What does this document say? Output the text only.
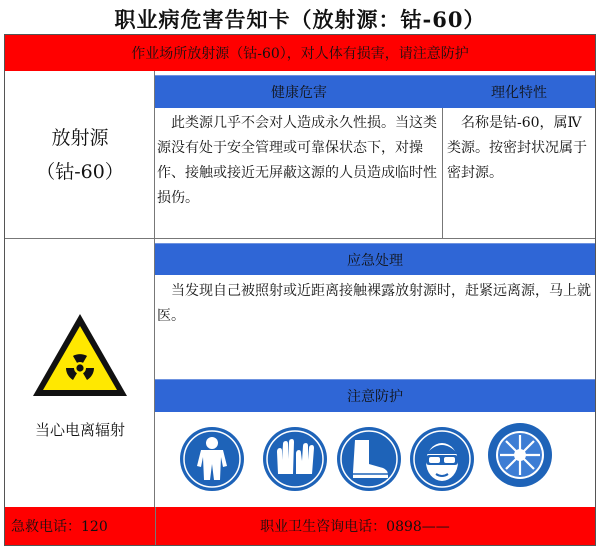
职业病危害告知卡（放射源：钴-60）
作业场所放射源（钴-60），对人体有损害，请注意防护
放射源
（钴-60）
健康危害
　此类源几乎不会对人造成永久性损。当这类源没有处于安全管理或可靠保状态下，对操作、接触或接近无屏蔽这源的人员造成临时性损伤。
理化特性
　名称是钴-60，属Ⅳ类源。按密封状况属于密封源。
当心电离辐射
应急处理
　当发现自己被照射或近距离接触裸露放射源时，赶紧远离源，马上就医。
注意防护
急救电话：120	职业卫生咨询电话：0898——
